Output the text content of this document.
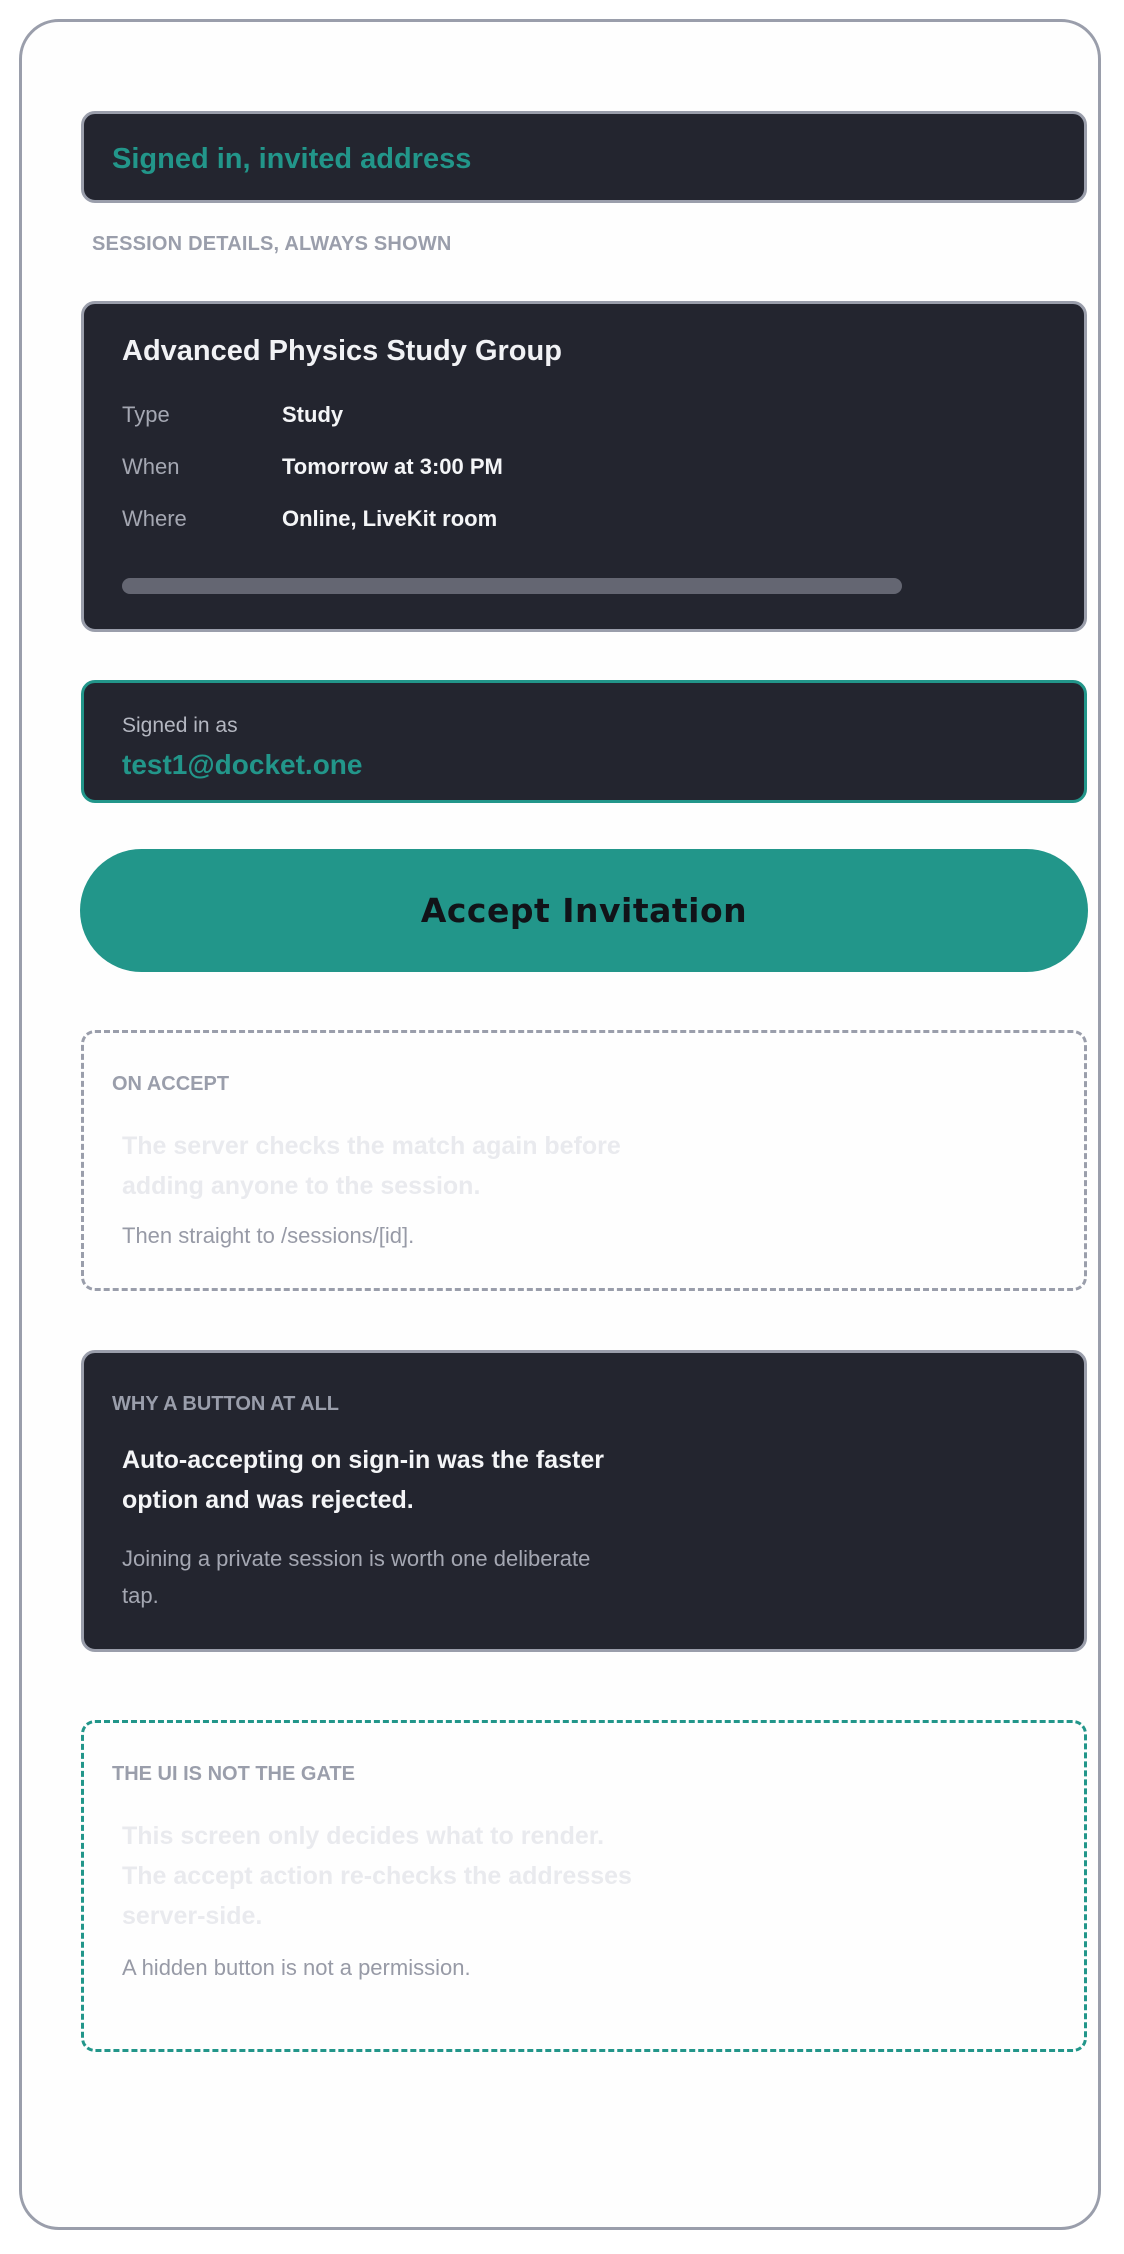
Signed in, invited address
SESSION DETAILS, ALWAYS SHOWN
Advanced Physics Study Group
Type	Study
When	Tomorrow at 3:00 PM
Where	Online, LiveKit room
Signed in as
test1@docket.one
Accept Invitation
ON ACCEPT
The server checks the match again before adding anyone to the session.
Then straight to /sessions/[id].
WHY A BUTTON AT ALL
Auto-accepting on sign-in was the faster option and was rejected.
Joining a private session is worth one deliberate tap.
THE UI IS NOT THE GATE
This screen only decides what to render. The accept action re-checks the addresses server-side.
A hidden button is not a permission.
